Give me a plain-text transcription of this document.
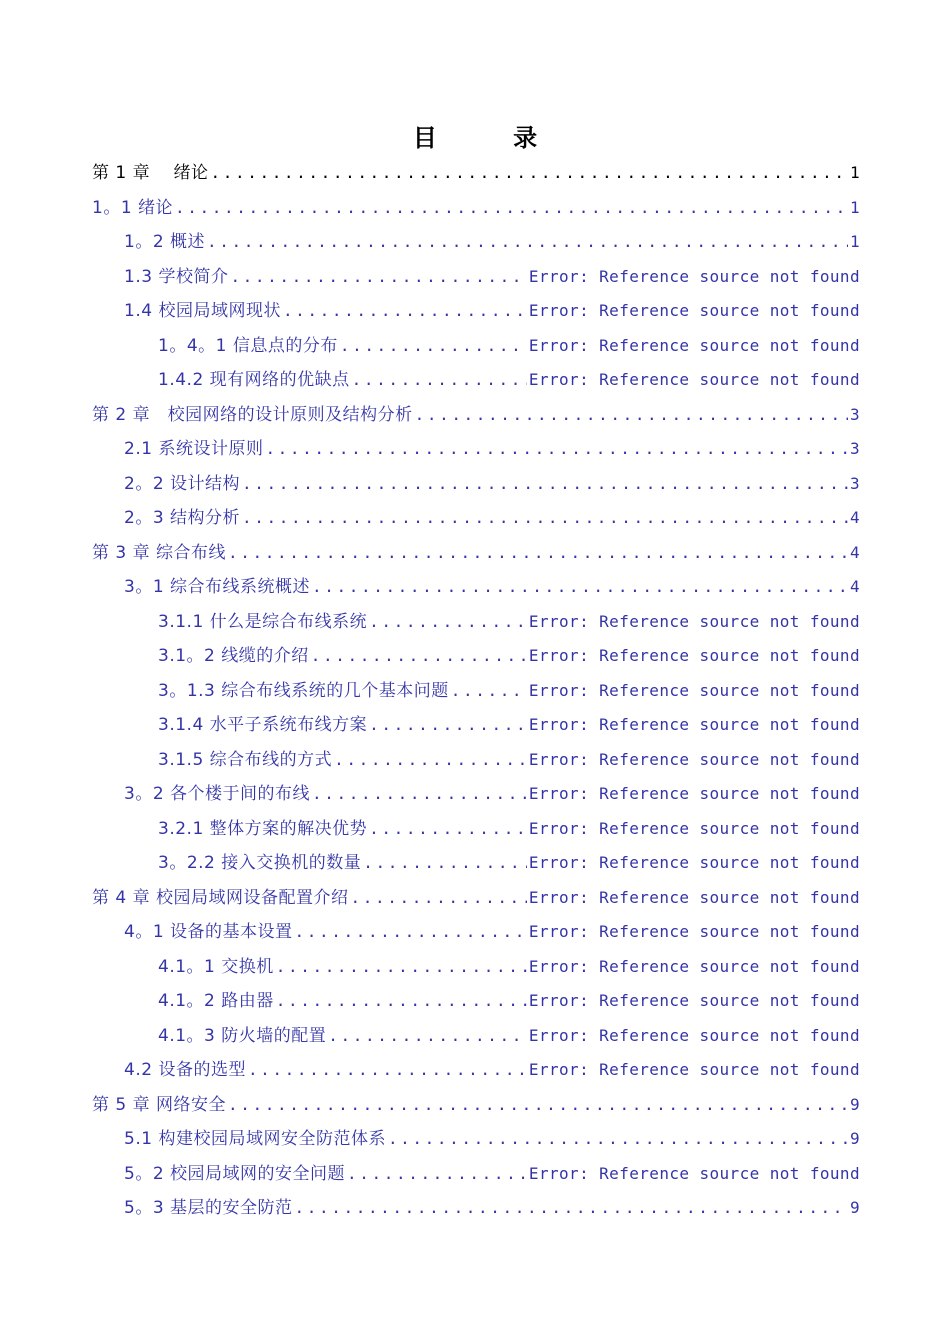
目 录
第 1 章　 绪论 .....	1
1。1 绪论 .....	1
1。2 概述 .....	1
1.3 学校简介 .....	Error: Reference source not found
1.4 校园局域网现状 .....	Error: Reference source not found
1。4。1 信息点的分布 .....	Error: Reference source not found
1.4.2 现有网络的优缺点 .....	Error: Reference source not found
第 2 章　校园网络的设计原则及结构分析 .....	3
2.1 系统设计原则 .....	3
2。2 设计结构 .....	3
2。3 结构分析 .....	4
第 3 章 综合布线 .....	4
3。1 综合布线系统概述 .....	4
3.1.1 什么是综合布线系统 .....	Error: Reference source not found
3.1。2 线缆的介绍 .....	Error: Reference source not found
3。1.3 综合布线系统的几个基本问题 .....	Error: Reference source not found
3.1.4 水平子系统布线方案 .....	Error: Reference source not found
3.1.5 综合布线的方式 .....	Error: Reference source not found
3。2 各个楼于间的布线 .....	Error: Reference source not found
3.2.1 整体方案的解决优势 .....	Error: Reference source not found
3。2.2 接入交换机的数量 .....	Error: Reference source not found
第 4 章 校园局域网设备配置介绍 .....	Error: Reference source not found
4。1 设备的基本设置 .....	Error: Reference source not found
4.1。1 交换机 .....	Error: Reference source not found
4.1。2 路由器 .....	Error: Reference source not found
4.1。3 防火墙的配置 .....	Error: Reference source not found
4.2 设备的选型 .....	Error: Reference source not found
第 5 章 网络安全 .....	9
5.1 构建校园局域网安全防范体系 .....	9
5。2 校园局域网的安全问题 .....	Error: Reference source not found
5。3 基层的安全防范 .....	9
